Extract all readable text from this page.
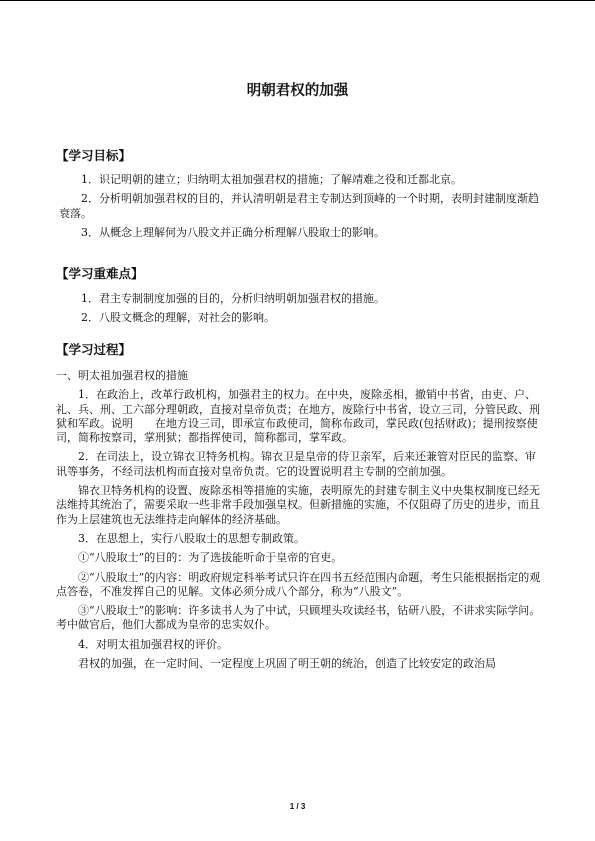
明朝君权的加强
【学习目标】
1．识记明朝的建立；归纳明太祖加强君权的措施；了解靖难之役和迁都北京。
2．分析明朝加强君权的目的，并认清明朝是君主专制达到顶峰的一个时期，表明封建制度渐趋衰落。
3．从概念上理解何为八股文并正确分析理解八股取士的影响。
【学习重难点】
1．君主专制制度加强的目的，分析归纳明朝加强君权的措施。
2．八股文概念的理解，对社会的影响。
【学习过程】
一、明太祖加强君权的措施
1．在政治上，改革行政机构，加强君主的权力。在中央，废除丞相，撤销中书省，由吏、户、礼、兵、刑、工六部分理朝政，直接对皇帝负责；在地方，废除行中书省，设立三司，分管民政、刑狱和军政。说明　　在地方设三司，即承宣布政使司，简称布政司，掌民政(包括财政)；提刑按察使司，简称按察司，掌刑狱；都指挥使司，简称都司，掌军政。
2．在司法上，设立锦衣卫特务机构。锦衣卫是皇帝的侍卫亲军，后来还兼管对臣民的监察、审讯等事务，不经司法机构而直接对皇帝负责。它的设置说明君主专制的空前加强。
锦衣卫特务机构的设置、废除丞相等措施的实施，表明原先的封建专制主义中央集权制度已经无法维持其统治了，需要采取一些非常手段加强皇权。但新措施的实施，不仅阻碍了历史的进步，而且作为上层建筑也无法维持走向解体的经济基础。
3．在思想上，实行八股取士的思想专制政策。
①“八股取士”的目的：为了选拔能听命于皇帝的官吏。
②“八股取士”的内容：明政府规定科举考试只许在四书五经范围内命题，考生只能根据指定的观点答卷，不准发挥自己的见解。文体必须分成八个部分，称为“八股文”。
③“八股取士”的影响：许多读书人为了中试，只顾埋头攻读经书，钻研八股，不讲求实际学问。考中做官后，他们大都成为皇帝的忠实奴仆。
4．对明太祖加强君权的评价。
君权的加强，在一定时间、一定程度上巩固了明王朝的统治，创造了比较安定的政治局
1 / 3
